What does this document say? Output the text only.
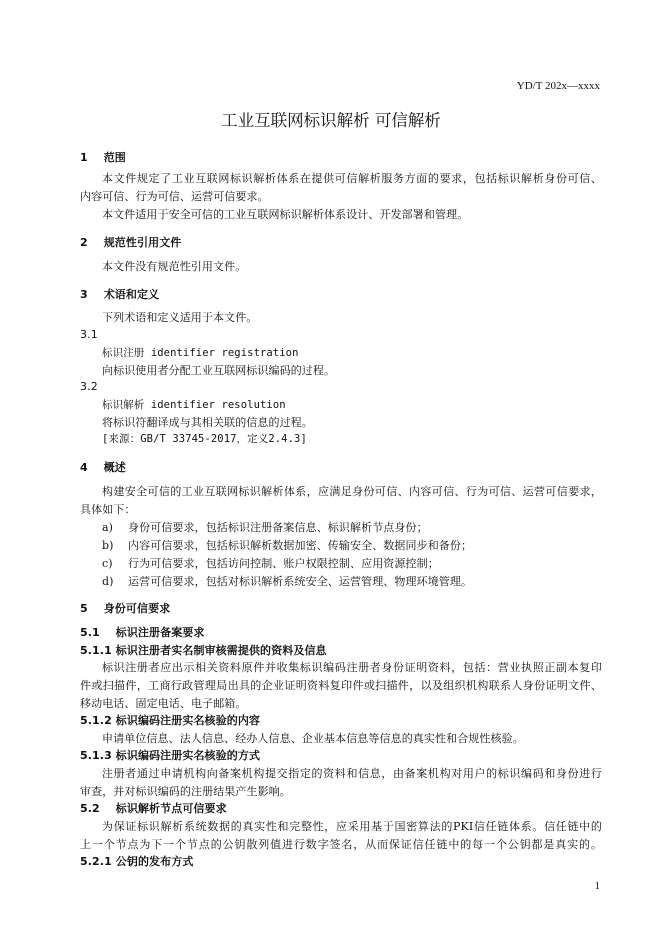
YD/T 202x—xxxx
工业互联网标识解析 可信解析
1 范围
本文件规定了工业互联网标识解析体系在提供可信解析服务方面的要求，包括标识解析身份可信、
内容可信、行为可信、运营可信要求。
本文件适用于安全可信的工业互联网标识解析体系设计、开发部署和管理。
2 规范性引用文件
本文件没有规范性引用文件。
3 术语和定义
下列术语和定义适用于本文件。
3.1
标识注册 identifier registration
向标识使用者分配工业互联网标识编码的过程。
3.2
标识解析 identifier resolution
将标识符翻译成与其相关联的信息的过程。
[来源：GB/T 33745-2017，定义2.4.3]
4 概述
构建安全可信的工业互联网标识解析体系，应满足身份可信、内容可信、行为可信、运营可信要求，
具体如下：
a) 身份可信要求，包括标识注册备案信息、标识解析节点身份；
b) 内容可信要求，包括标识解析数据加密、传输安全、数据同步和备份；
c) 行为可信要求，包括访问控制、账户权限控制、应用资源控制；
d) 运营可信要求，包括对标识解析系统安全、运营管理、物理环境管理。
5 身份可信要求
5.1 标识注册备案要求
5.1.1 标识注册者实名制审核需提供的资料及信息
标识注册者应出示相关资料原件并收集标识编码注册者身份证明资料，包括：营业执照正副本复印
件或扫描件，工商行政管理局出具的企业证明资料复印件或扫描件，以及组织机构联系人身份证明文件、
移动电话、固定电话、电子邮箱。
5.1.2 标识编码注册实名核验的内容
申请单位信息、法人信息、经办人信息、企业基本信息等信息的真实性和合规性核验。
5.1.3 标识编码注册实名核验的方式
注册者通过申请机构向备案机构提交指定的资料和信息，由备案机构对用户的标识编码和身份进行
审查，并对标识编码的注册结果产生影响。
5.2 标识解析节点可信要求
为保证标识解析系统数据的真实性和完整性，应采用基于国密算法的PKI信任链体系。信任链中的
上一个节点为下一个节点的公钥散列值进行数字签名，从而保证信任链中的每一个公钥都是真实的。
5.2.1 公钥的发布方式
1
